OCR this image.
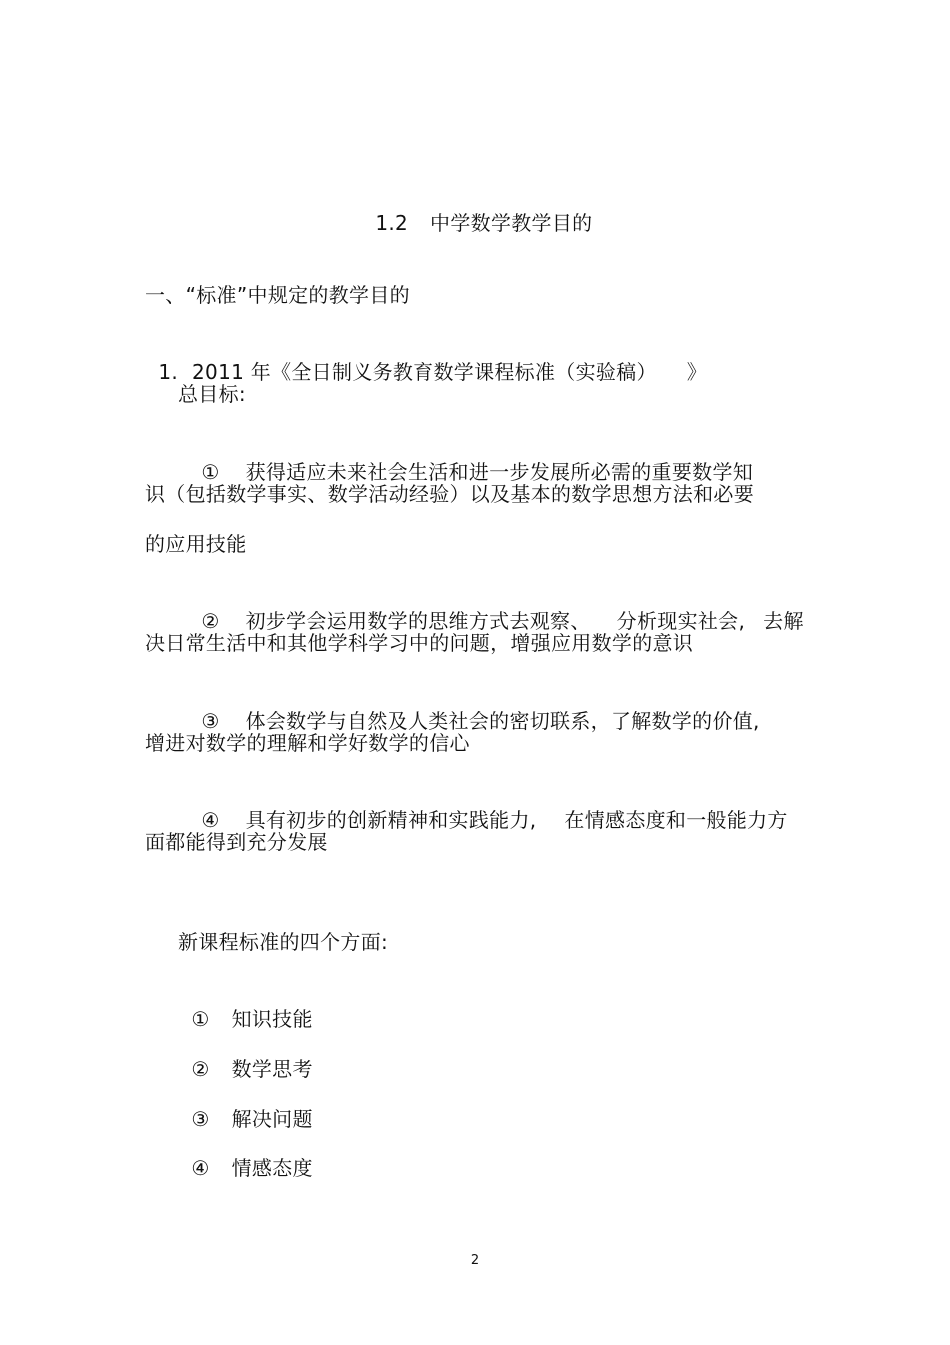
1.2 中学数学教学目的

一、“标准”中规定的教学目的

1. 2011 年《全日制义务教育数学课程标准（实验稿） 》

总目标:

① 获得适应未来社会生活和进一步发展所必需的重要数学知

识（包括数学事实、数学活动经验）以及基本的数学思想方法和必要
的应用技能

② 初步学会运用数学的思维方式去观察、 分析现实社会, 去解

决日常生活中和其他学科学习中的问题，增强应用数学的意识

③ 体会数学与自然及人类社会的密切联系，了解数学的价值,

增进对数学的理解和学好数学的信心

④ 具有初步的创新精神和实践能力, 在情感态度和一般能力方

面都能得到充分发展
新课程标准的四个方面:

① 知识技能

② 数学思考

③ 解决问题

④ 情感态度

2
